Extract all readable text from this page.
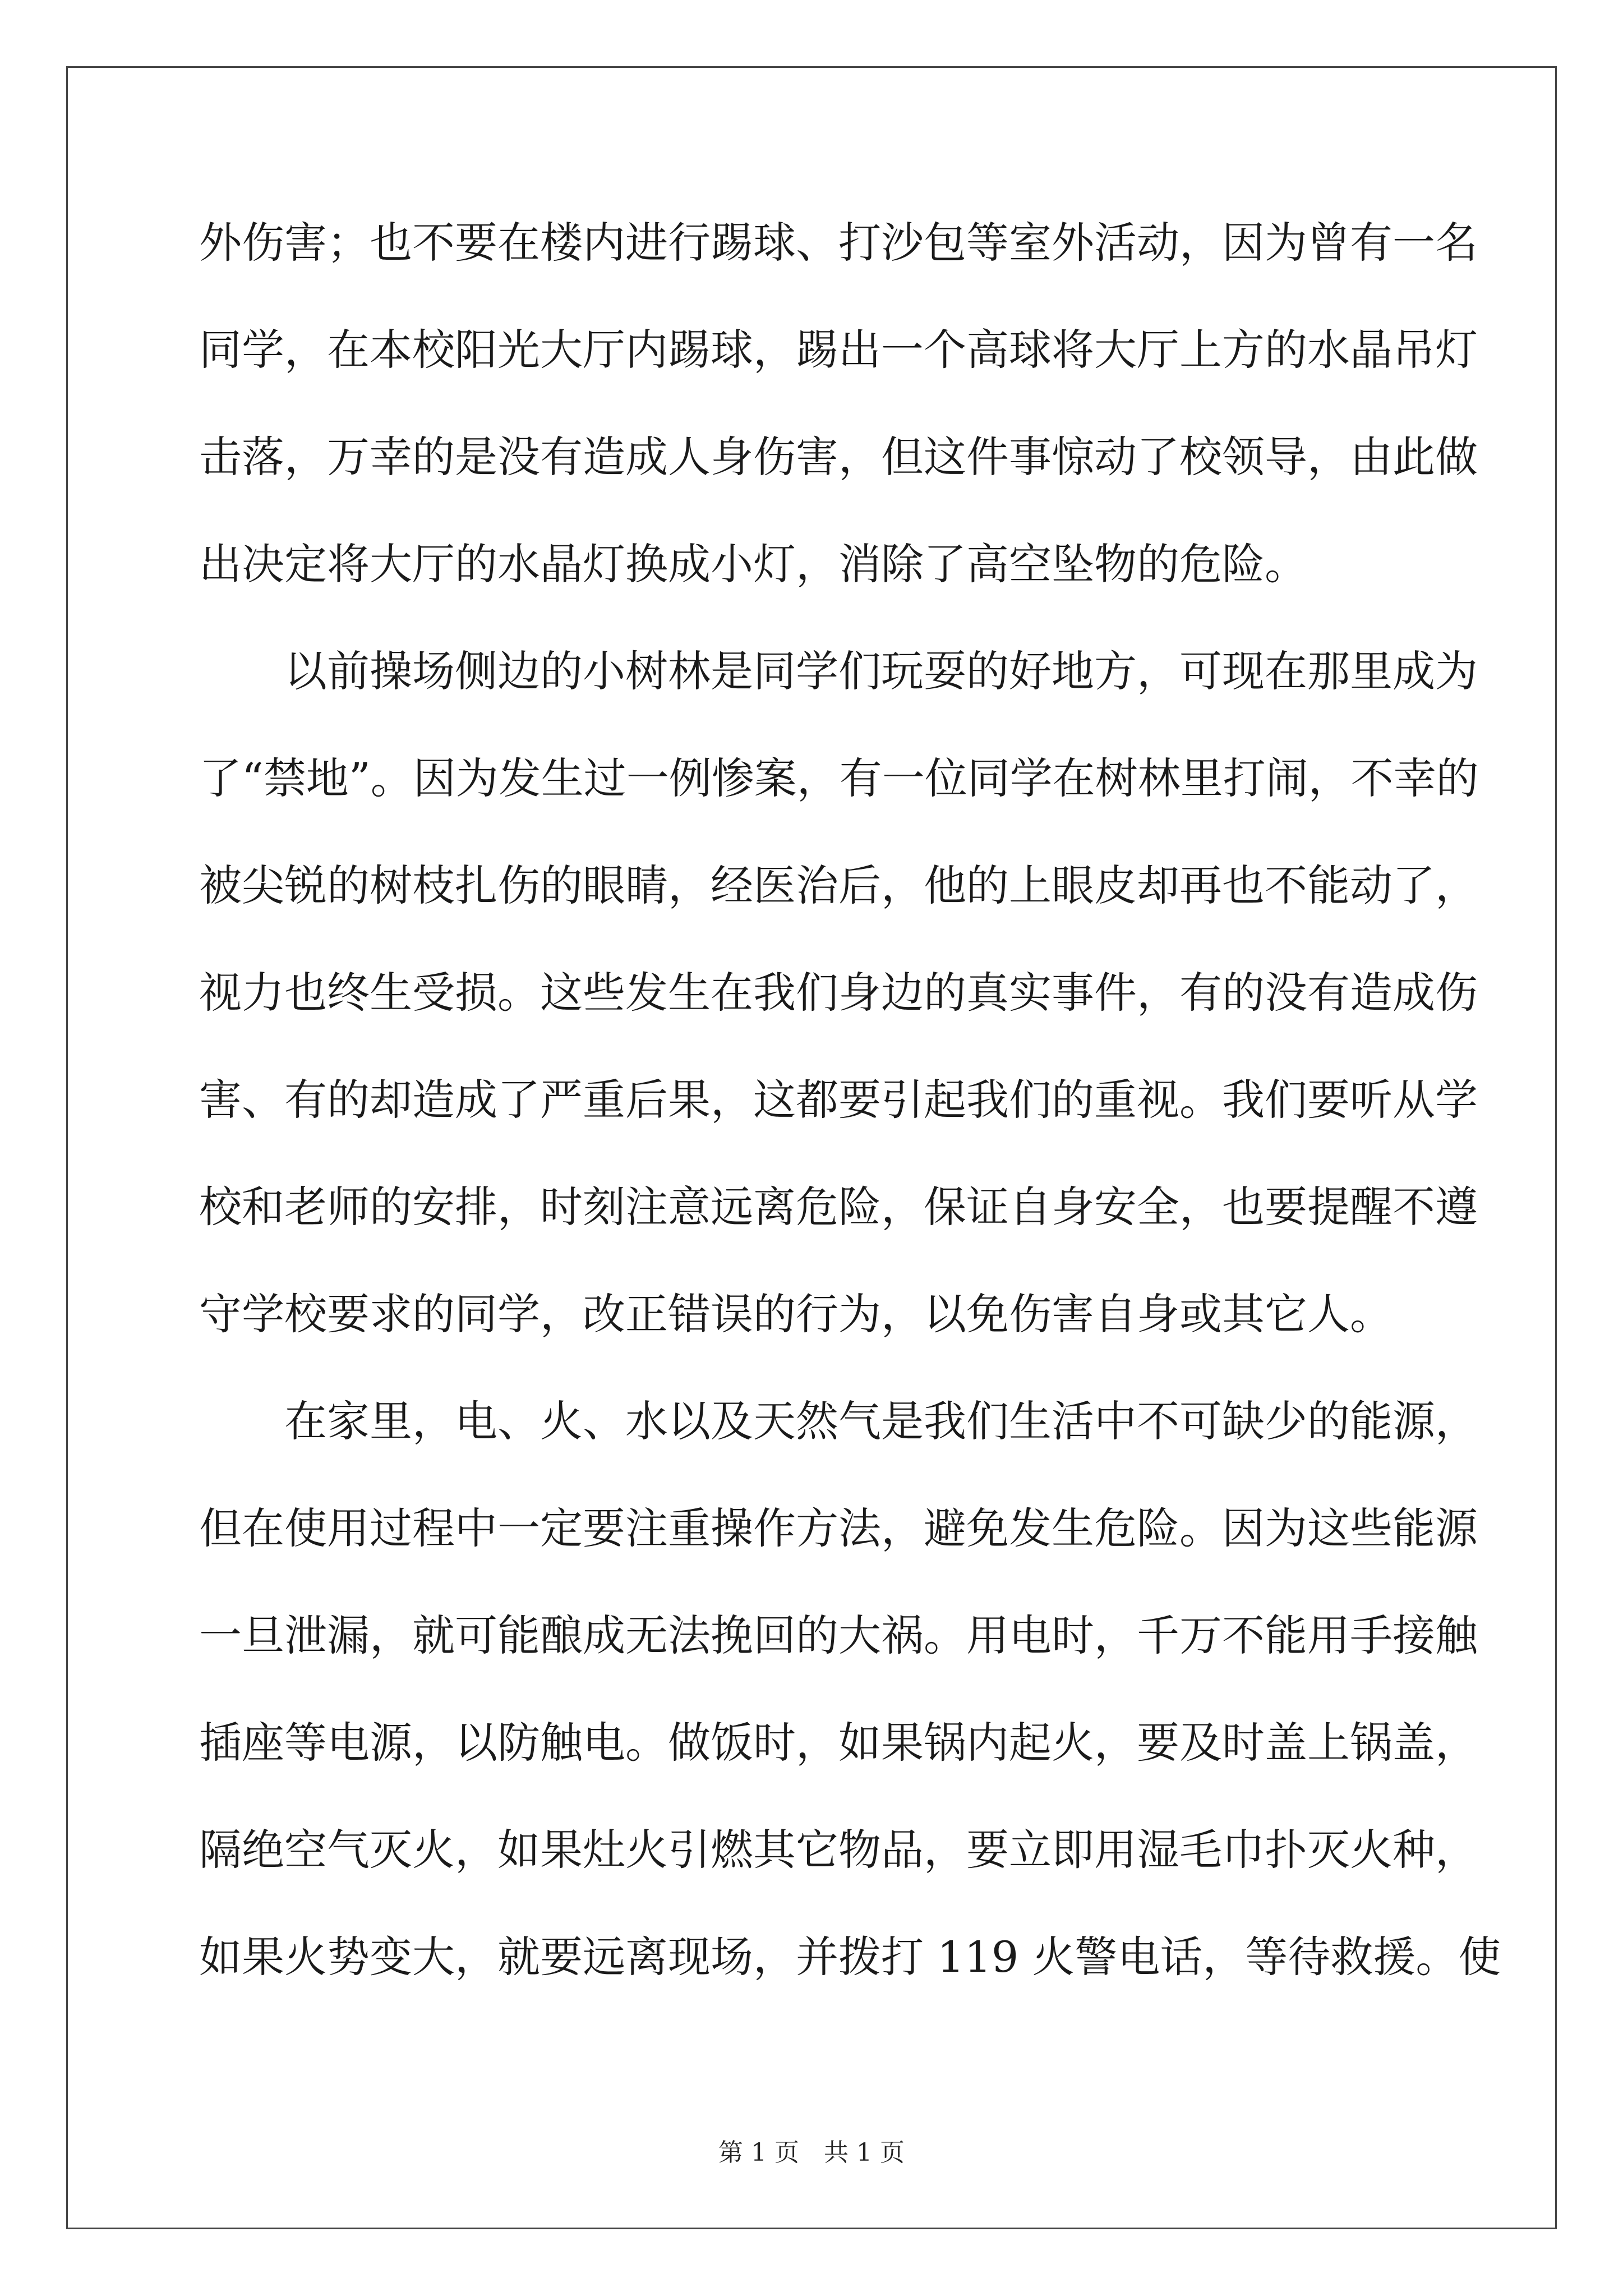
外伤害；也不要在楼内进行踢球、打沙包等室外活动，因为曾有一名
同学，在本校阳光大厅内踢球，踢出一个高球将大厅上方的水晶吊灯
击落，万幸的是没有造成人身伤害，但这件事惊动了校领导，由此做
出决定将大厅的水晶灯换成小灯，消除了高空坠物的危险。
　　以前操场侧边的小树林是同学们玩耍的好地方，可现在那里成为
了“禁地”。因为发生过一例惨案，有一位同学在树林里打闹，不幸的
被尖锐的树枝扎伤的眼睛，经医治后，他的上眼皮却再也不能动了，
视力也终生受损。这些发生在我们身边的真实事件，有的没有造成伤
害、有的却造成了严重后果，这都要引起我们的重视。我们要听从学
校和老师的安排，时刻注意远离危险，保证自身安全，也要提醒不遵
守学校要求的同学，改正错误的行为，以免伤害自身或其它人。
　　在家里，电、火、水以及天然气是我们生活中不可缺少的能源，
但在使用过程中一定要注重操作方法，避免发生危险。因为这些能源
一旦泄漏，就可能酿成无法挽回的大祸。用电时，千万不能用手接触
插座等电源，以防触电。做饭时，如果锅内起火，要及时盖上锅盖，
隔绝空气灭火，如果灶火引燃其它物品，要立即用湿毛巾扑灭火种，
如果火势变大，就要远离现场，并拨打 119 火警电话，等待救援。使
第 1 页　共 1 页
